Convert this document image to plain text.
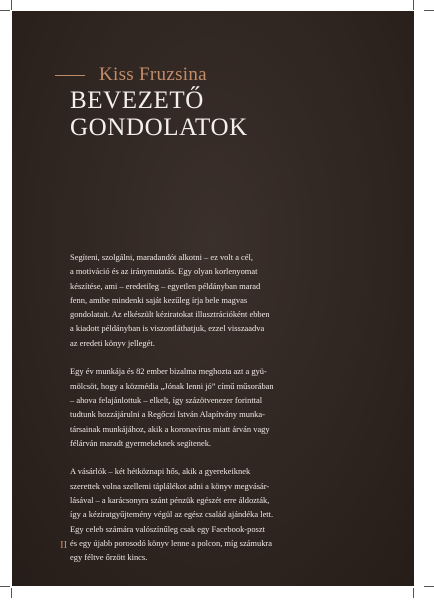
Kiss Fruzsina
BEVEZETŐ
GONDOLATOK
Segíteni, szolgálni, maradandót alkotni – ez volt a cél,
a motiváció és az iránymutatás. Egy olyan korlenyomat
készítése, ami – eredetileg – egyetlen példányban marad
fenn, amibe mindenki saját kezűleg írja bele magvas
gondolatait. Az elkészült kéziratokat illusztrációként ebben
a kiadott példányban is viszontláthatjuk, ezzel visszaadva
az eredeti könyv jellegét.
Egy év munkája és 82 ember bizalma meghozta azt a gyü-
mölcsöt, hogy a közmédia „Jónak lenni jó” című műsorában
– ahova felajánlottuk – elkelt, így százötvenezer forinttal
tudtunk hozzájárulni a Regőczi István Alapítvány munka-
társainak munkájához, akik a koronavírus miatt árván vagy
félárván maradt gyermekeknek segítenek.
A vásárlók – két hétköznapi hős, akik a gyerekeiknek
szerettek volna szellemi táplálékot adni a könyv megvásár-
lásával – a karácsonyra szánt pénzük egészét erre áldozták,
így a kéziratgyűjtemény végül az egész család ajándéka lett.
Egy celeb számára valószínűleg csak egy Facebook-poszt
és egy újabb porosodó könyv lenne a polcon, míg számukra
egy féltve őrzött kincs.
II
